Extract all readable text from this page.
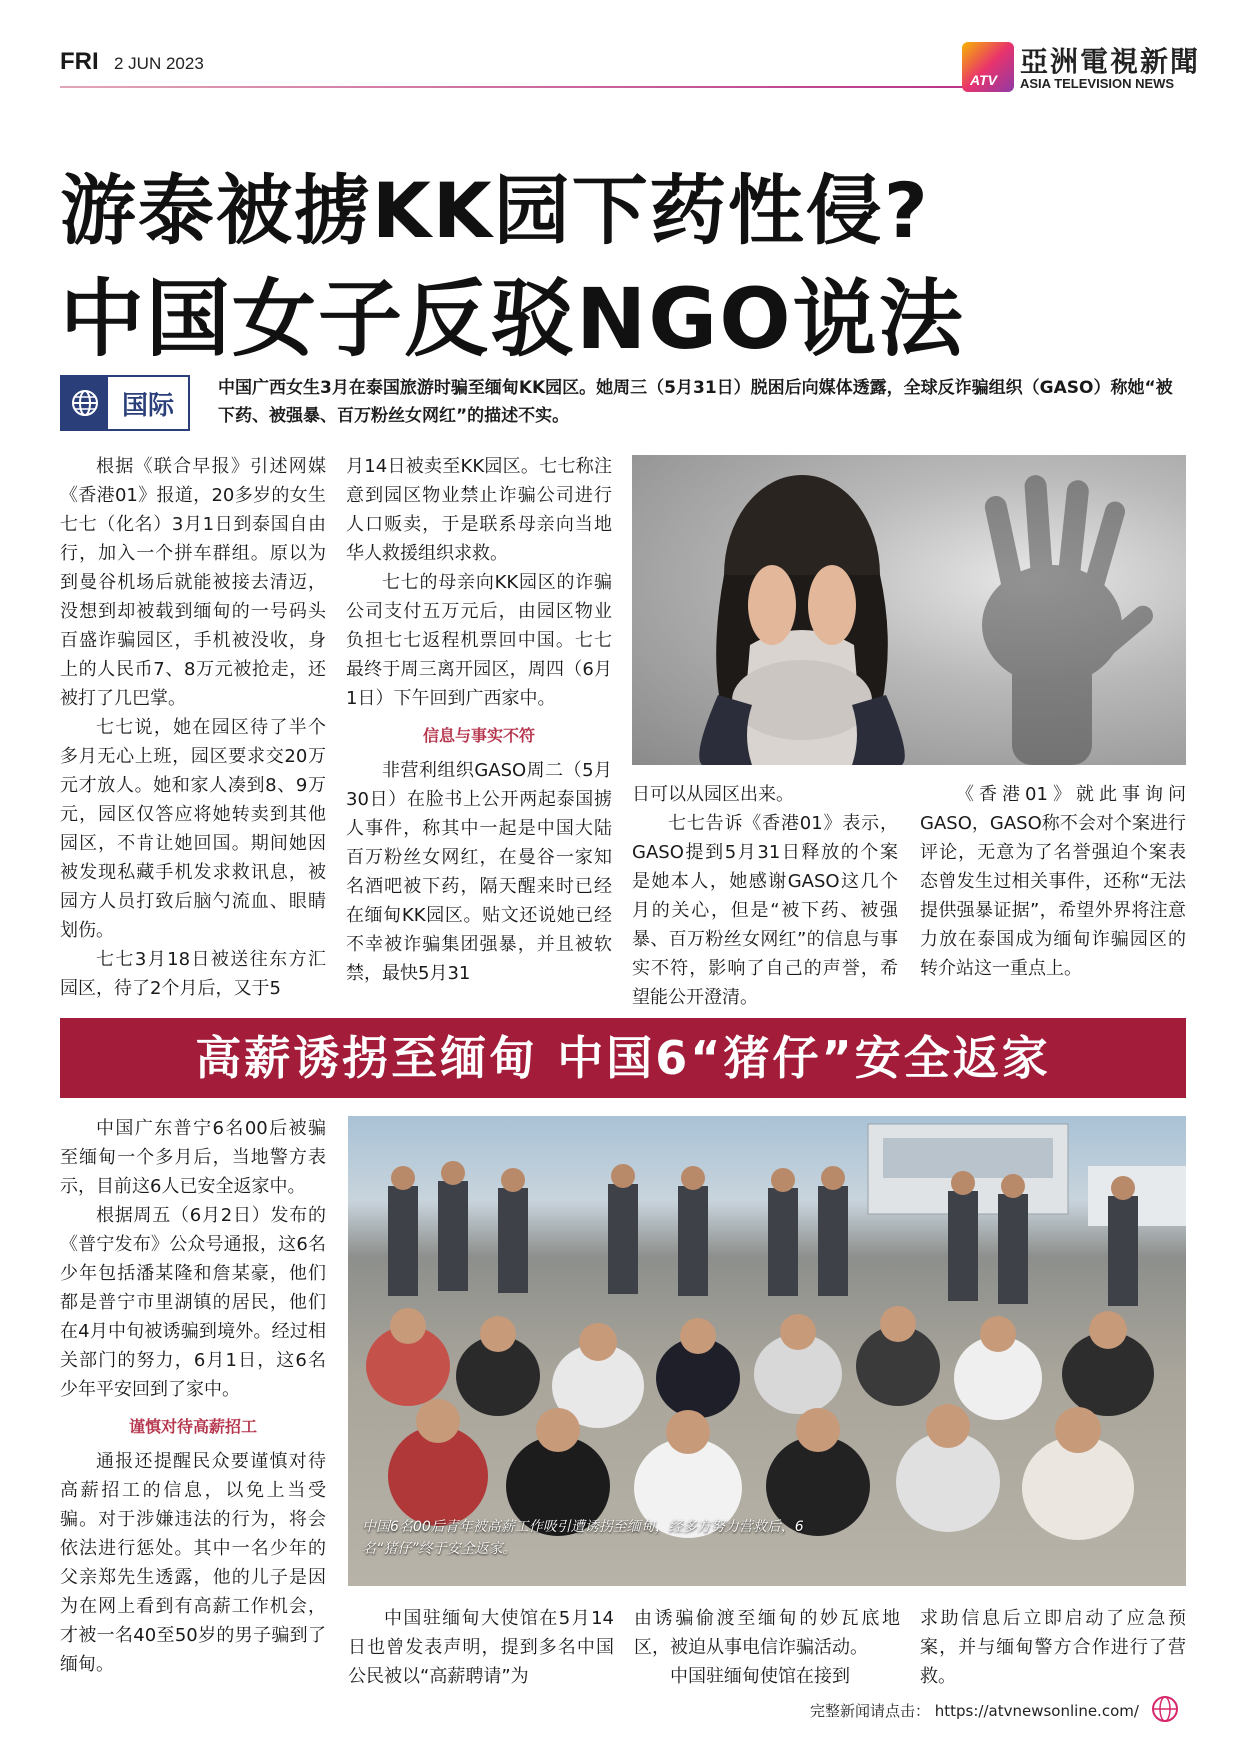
FRI 2 JUN 2023
ATV
亞洲電視新聞
ASIA TELEVISION NEWS
游泰被掳KK园下药性侵?
中国女子反驳NGO说法
国际
中国广西女生3月在泰国旅游时骗至缅甸KK园区。她周三（5月31日）脱困后向媒体透露，全球反诈骗组织（GASO）称她“被下药、被强暴、百万粉丝女网红”的描述不实。

根据《联合早报》引述网媒《香港01》报道，20多岁的女生七七（化名）3月1日到泰国自由行，加入一个拼车群组。原以为到曼谷机场后就能被接去清迈，没想到却被载到缅甸的一号码头百盛诈骗园区，手机被没收，身上的人民币7、8万元被抢走，还被打了几巴掌。

七七说，她在园区待了半个多月无心上班，园区要求交20万元才放人。她和家人凑到8、9万元，园区仅答应将她转卖到其他园区，不肯让她回国。期间她因被发现私藏手机发求救讯息，被园方人员打致后脑勺流血、眼睛划伤。

七七3月18日被送往东方汇园区，待了2个月后，又于5

月14日被卖至KK园区。七七称注意到园区物业禁止诈骗公司进行人口贩卖，于是联系母亲向当地华人救援组织求救。

七七的母亲向KK园区的诈骗公司支付五万元后，由园区物业负担七七返程机票回中国。七七最终于周三离开园区，周四（6月1日）下午回到广西家中。

信息与事实不符

非营利组织GASO周二（5月30日）在脸书上公开两起泰国掳人事件，称其中一起是中国大陆百万粉丝女网红，在曼谷一家知名酒吧被下药，隔天醒来时已经在缅甸KK园区。贴文还说她已经不幸被诈骗集团强暴，并且被软禁，最快5月31

日可以从园区出来。

七七告诉《香港01》表示，GASO提到5月31日释放的个案是她本人，她感谢GASO这几个月的关心，但是“被下药、被强暴、百万粉丝女网红”的信息与事实不符，影响了自己的声誉，希望能公开澄清。

《香港01》就此事询问GASO，GASO称不会对个案进行评论，无意为了名誉强迫个案表态曾发生过相关事件，还称“无法提供强暴证据”，希望外界将注意力放在泰国成为缅甸诈骗园区的转介站这一重点上。

高薪诱拐至缅甸 中国6“猪仔”安全返家

中国广东普宁6名00后被骗至缅甸一个多月后，当地警方表示，目前这6人已安全返家中。

根据周五（6月2日）发布的《普宁发布》公众号通报，这6名少年包括潘某隆和詹某豪，他们都是普宁市里湖镇的居民，他们在4月中旬被诱骗到境外。经过相关部门的努力，6月1日，这6名少年平安回到了家中。

谨慎对待高薪招工

通报还提醒民众要谨慎对待高薪招工的信息，以免上当受骗。对于涉嫌违法的行为，将会依法进行惩处。其中一名少年的父亲郑先生透露，他的儿子是因为在网上看到有高薪工作机会，才被一名40至50岁的男子骗到了缅甸。

中国6名00后青年被高薪工作吸引遭诱拐至缅甸，经多方努力营救后，6名“猪仔”终于安全返家。

中国驻缅甸大使馆在5月14日也曾发表声明，提到多名中国公民被以“高薪聘请”为

由诱骗偷渡至缅甸的妙瓦底地区，被迫从事电信诈骗活动。

中国驻缅甸使馆在接到

求助信息后立即启动了应急预案，并与缅甸警方合作进行了营救。

完整新闻请点击： https://atvnewsonline.com/
